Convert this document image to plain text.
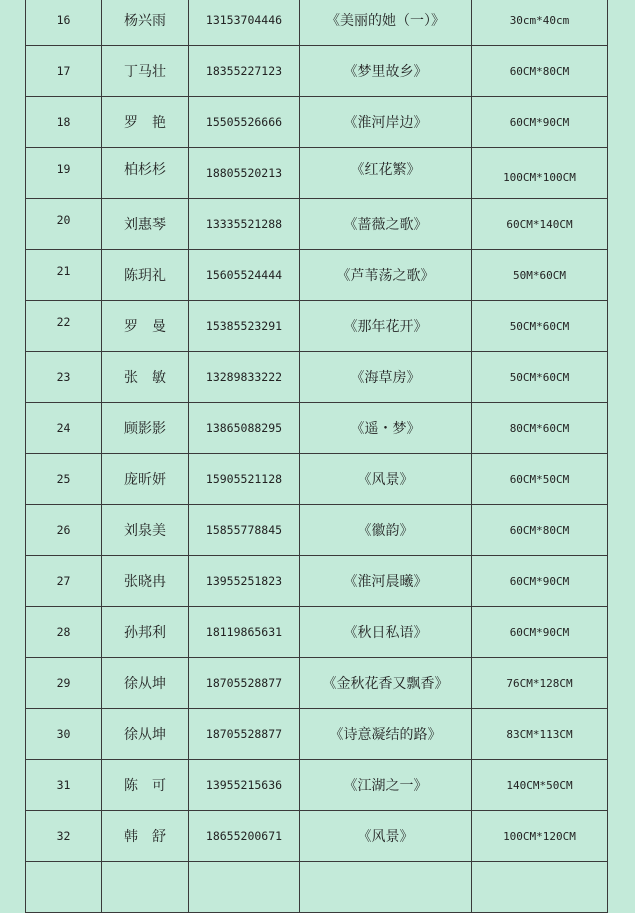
16	杨兴雨	13153704446	《美丽的她（一）》	30cm*40cm
17	丁马壮	18355227123	《梦里故乡》	60CM*80CM
18	罗　艳	15505526666	《淮河岸边》	60CM*90CM
19	柏杉杉	18805520213	《红花繁》	100CM*100CM
20	刘惠琴	13335521288	《蔷薇之歌》	60CM*140CM
21	陈玥礼	15605524444	《芦苇荡之歌》	50M*60CM
22	罗　曼	15385523291	《那年花开》	50CM*60CM
23	张　敏	13289833222	《海草房》	50CM*60CM
24	顾影影	13865088295	《遥・梦》	80CM*60CM
25	庞昕妍	15905521128	《风景》	60CM*50CM
26	刘泉美	15855778845	《徽韵》	60CM*80CM
27	张晓冉	13955251823	《淮河晨曦》	60CM*90CM
28	孙邦利	18119865631	《秋日私语》	60CM*90CM
29	徐从坤	18705528877	《金秋花香又飘香》	76CM*128CM
30	徐从坤	18705528877	《诗意凝结的路》	83CM*113CM
31	陈　可	13955215636	《江湖之一》	140CM*50CM
32	韩　舒	18655200671	《风景》	100CM*120CM
